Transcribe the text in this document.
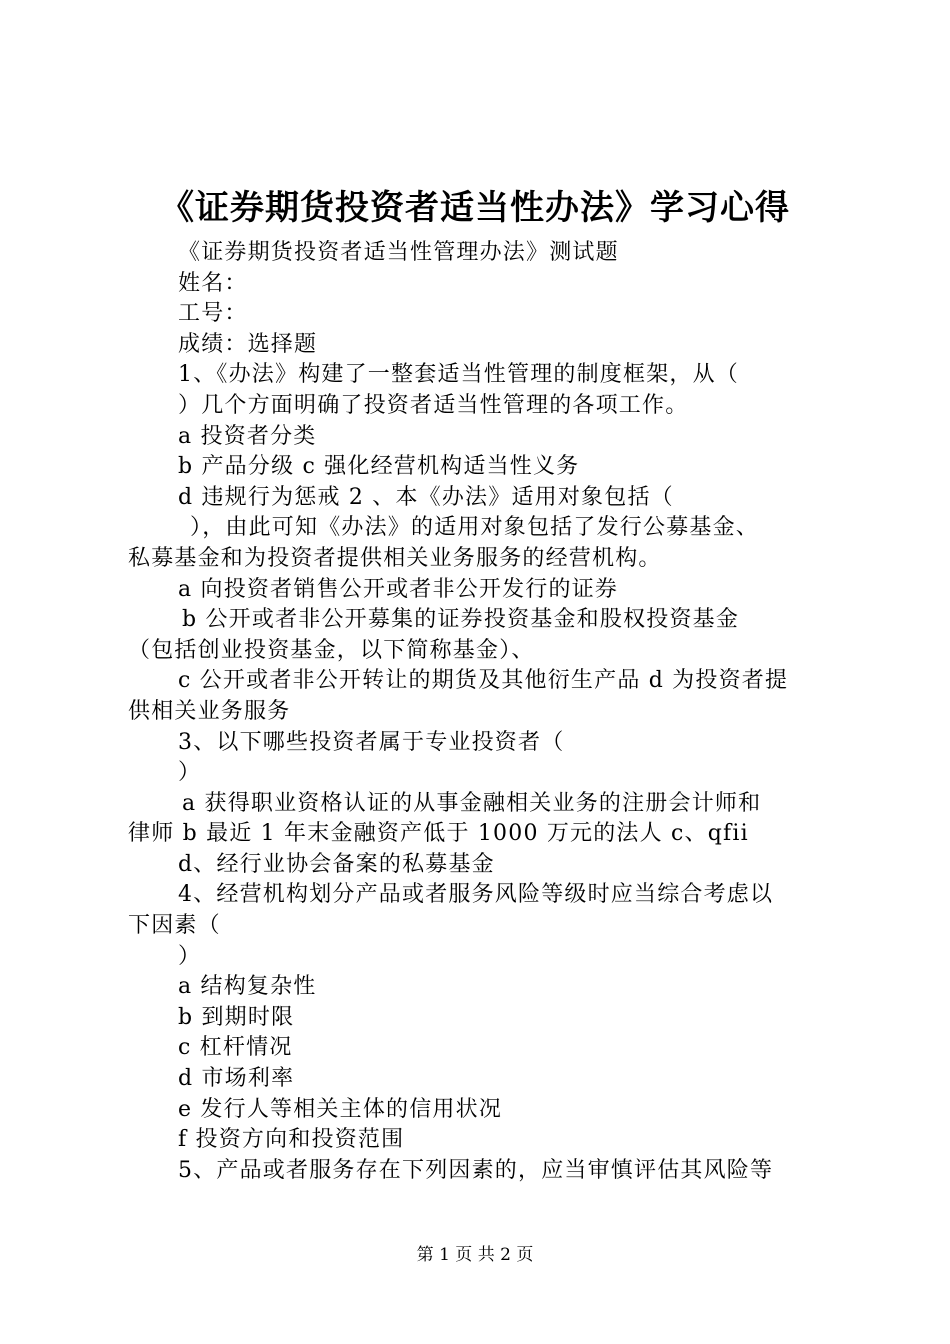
《证券期货投资者适当性办法》学习心得
《证券期货投资者适当性管理办法》测试题
姓名：
工号：
成绩：选择题
1、《办法》构建了一整套适当性管理的制度框架，从（
）几个方面明确了投资者适当性管理的各项工作。
a 投资者分类
b 产品分级 c 强化经营机构适当性义务
d 违规行为惩戒 2 、本《办法》适用对象包括（
），由此可知《办法》的适用对象包括了发行公募基金、
私募基金和为投资者提供相关业务服务的经营机构。
a 向投资者销售公开或者非公开发行的证券
b 公开或者非公开募集的证券投资基金和股权投资基金
（包括创业投资基金，以下简称基金）、
c 公开或者非公开转让的期货及其他衍生产品 d 为投资者提
供相关业务服务
3、以下哪些投资者属于专业投资者（
）
a 获得职业资格认证的从事金融相关业务的注册会计师和
律师 b 最近 1 年末金融资产低于 1000 万元的法人 c、qfii
d、经行业协会备案的私募基金
4、经营机构划分产品或者服务风险等级时应当综合考虑以
下因素（
）
a 结构复杂性
b 到期时限
c 杠杆情况
d 市场利率
e 发行人等相关主体的信用状况
f 投资方向和投资范围
5、产品或者服务存在下列因素的，应当审慎评估其风险等
第 1 页 共 2 页
